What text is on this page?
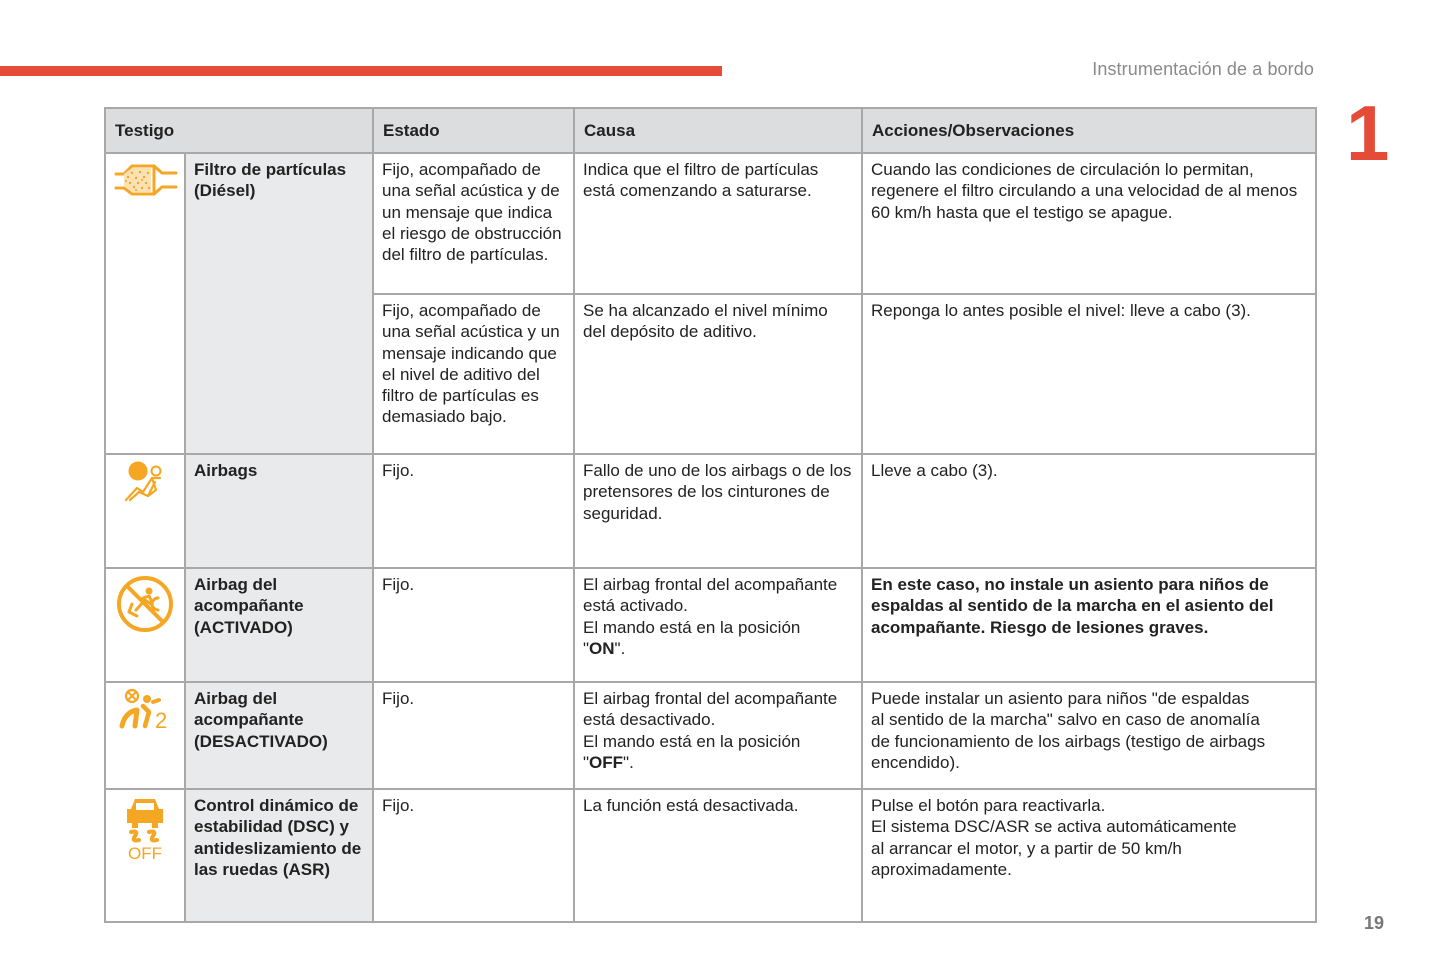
Instrumentación de a bordo
1
Testigo		Estado	Causa	Acciones/Observaciones

	Filtro de partículas (Diésel)	Fijo, acompañado de una señal acústica y de un mensaje que indica el riesgo de obstrucción del filtro de partículas.	Indica que el filtro de partículas está comenzando a saturarse.	Cuando las condiciones de circulación lo permitan, regenere el filtro circulando a una velocidad de al menos 60 km/h hasta que el testigo se apague.
		Fijo, acompañado de una señal acústica y un mensaje indicando que el nivel de aditivo del filtro de partículas es demasiado bajo.	Se ha alcanzado el nivel mínimo del depósito de aditivo.	Reponga lo antes posible el nivel: lleve a cabo (3).

	Airbags	Fijo.	Fallo de uno de los airbags o de los pretensores de los cinturones de seguridad.	Lleve a cabo (3).

	Airbag del acompañante (ACTIVADO)	Fijo.	El airbag frontal del acompañante
está activado.
El mando está en la posición
"ON".	En este caso, no instale un asiento para niños de espaldas al sentido de la marcha en el asiento del acompañante. Riesgo de lesiones graves.

2	Airbag del acompañante (DESACTIVADO)	Fijo.	El airbag frontal del acompañante
está desactivado.
El mando está en la posición
"OFF".	Puede instalar un asiento para niños "de espaldas
al sentido de la marcha" salvo en caso de anomalía
de funcionamiento de los airbags (testigo de airbags
encendido).

OFF	Control dinámico de estabilidad (DSC) y antideslizamiento de las ruedas (ASR)	Fijo.	La función está desactivada.	Pulse el botón para reactivarla.
El sistema DSC/ASR se activa automáticamente
al arrancar el motor, y a partir de 50 km/h
aproximadamente.
19
